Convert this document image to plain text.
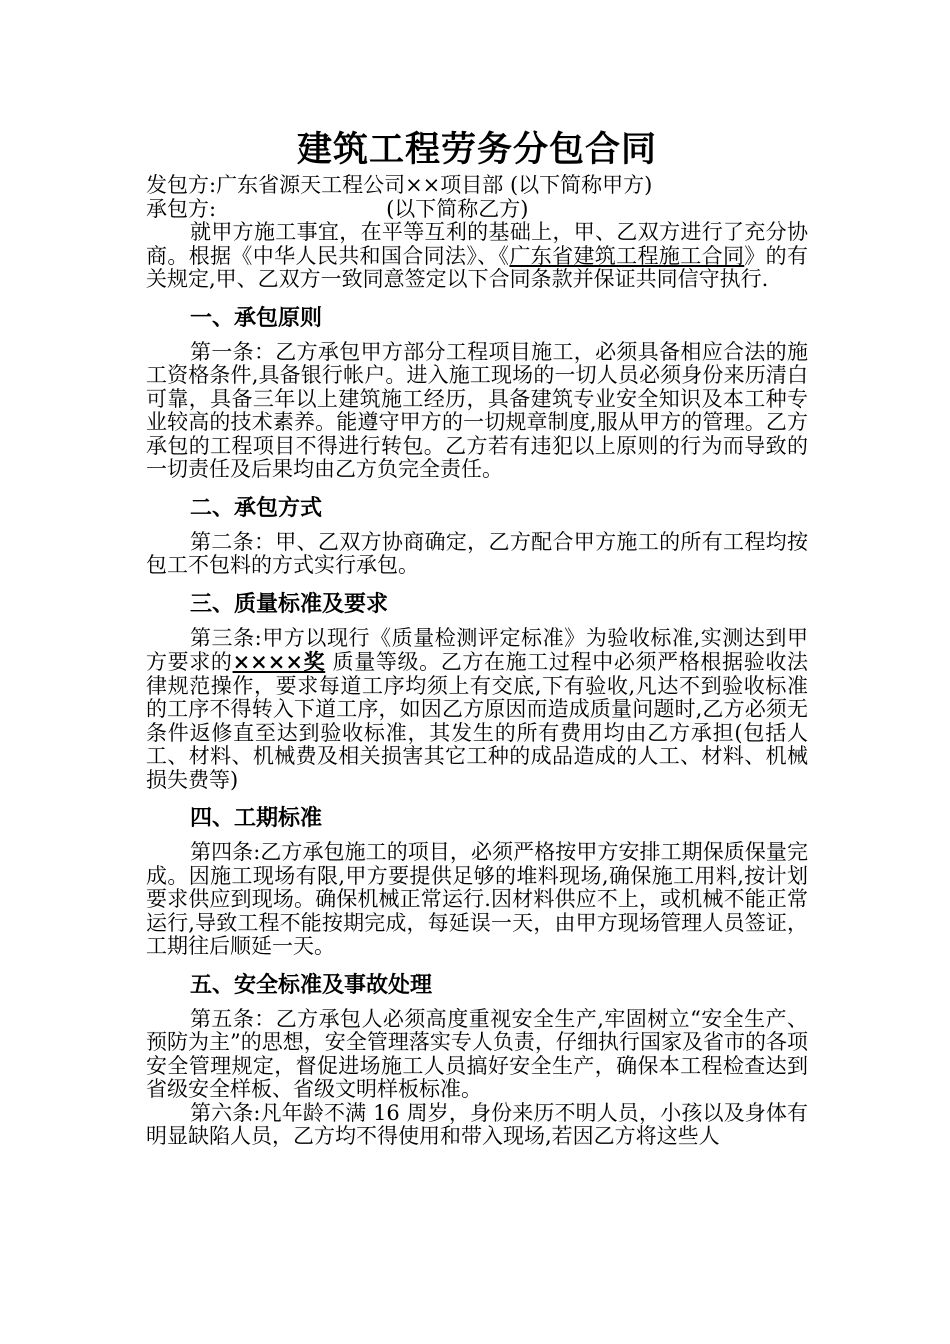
建筑工程劳务分包合同

发包方:广东省源天工程公司××项目部 (以下简称甲方)

承包方:	(以下简称乙方)

就甲方施工事宜，在平等互利的基础上，甲、乙双方进行了充分协商。根据《中华人民共和国合同法》、《广东省建筑工程施工合同》的有关规定,甲、乙双方一致同意签定以下合同条款并保证共同信守执行.

一、承包原则

第一条：乙方承包甲方部分工程项目施工，必须具备相应合法的施工资格条件,具备银行帐户。进入施工现场的一切人员必须身份来历清白可靠，具备三年以上建筑施工经历，具备建筑专业安全知识及本工种专业较高的技术素养。能遵守甲方的一切规章制度,服从甲方的管理。乙方承包的工程项目不得进行转包。乙方若有违犯以上原则的行为而导致的一切责任及后果均由乙方负完全责任。

二、承包方式

第二条：甲、乙双方协商确定，乙方配合甲方施工的所有工程均按包工不包料的方式实行承包。

三、质量标准及要求

第三条:甲方以现行《质量检测评定标准》为验收标准,实测达到甲方要求的××××奖 质量等级。乙方在施工过程中必须严格根据验收法律规范操作，要求每道工序均须上有交底,下有验收,凡达不到验收标准的工序不得转入下道工序，如因乙方原因而造成质量问题时,乙方必须无条件返修直至达到验收标准，其发生的所有费用均由乙方承担(包括人工、材料、机械费及相关损害其它工种的成品造成的人工、材料、机械损失费等)

四、工期标准

第四条:乙方承包施工的项目，必须严格按甲方安排工期保质保量完成。因施工现场有限,甲方要提供足够的堆料现场,确保施工用料,按计划要求供应到现场。确保机械正常运行.因材料供应不上，或机械不能正常运行,导致工程不能按期完成，每延误一天，由甲方现场管理人员签证，工期往后顺延一天。

五、安全标准及事故处理

第五条：乙方承包人必须高度重视安全生产,牢固树立“安全生产、预防为主”的思想，安全管理落实专人负责，仔细执行国家及省市的各项安全管理规定，督促进场施工人员搞好安全生产，确保本工程检查达到省级安全样板、省级文明样板标准。

第六条:凡年龄不满 16 周岁，身份来历不明人员，小孩以及身体有明显缺陷人员，乙方均不得使用和带入现场,若因乙方将这些人
